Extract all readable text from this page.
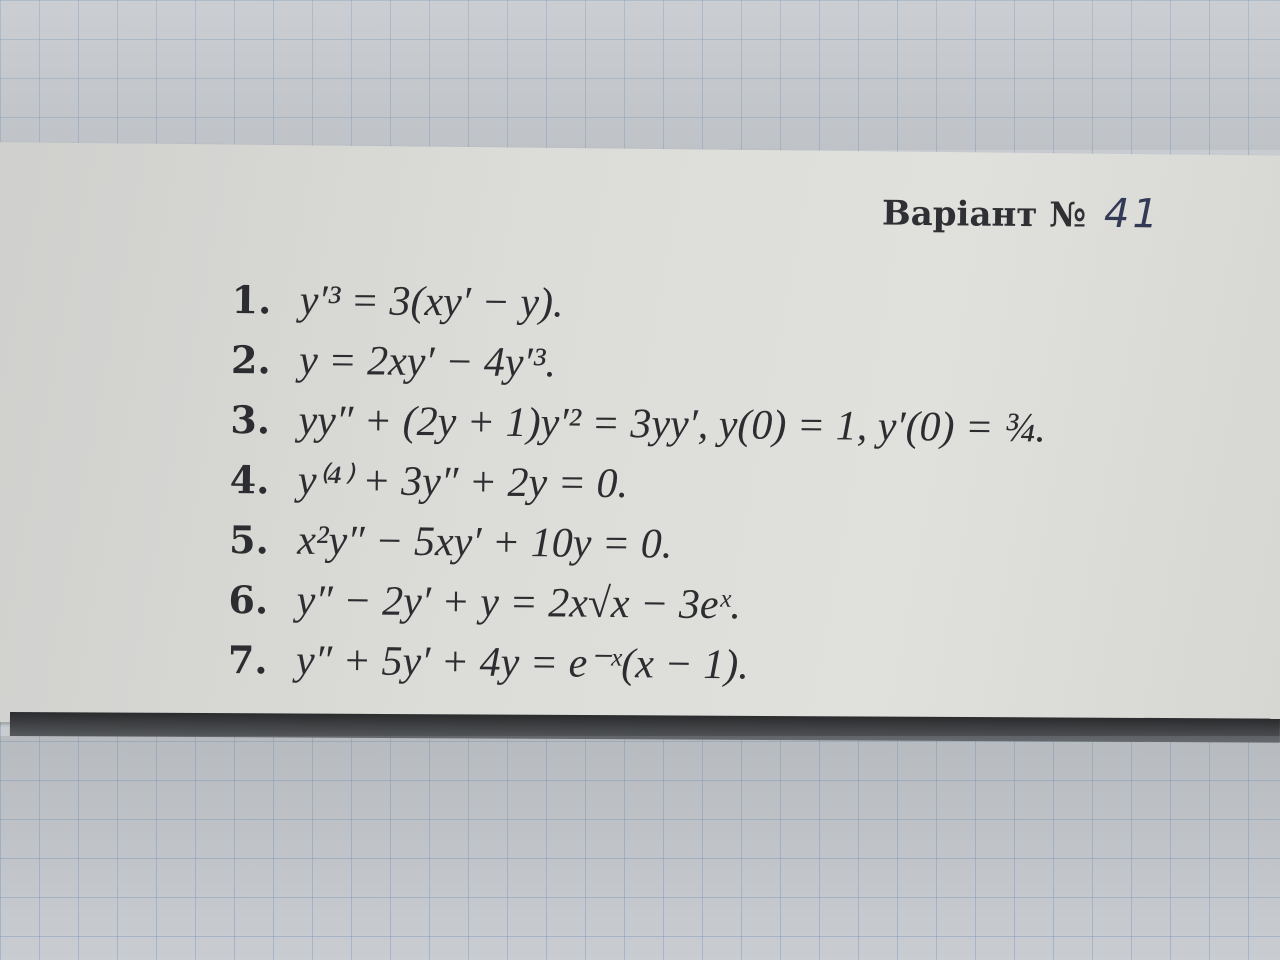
Варіант № 41
1. y′³ = 3(xy′ − y).
2. y = 2xy′ − 4y′³.
3. yy″ + (2y + 1)y′² = 3yy′, y(0) = 1, y′(0) = ¾.
4. y⁽⁴⁾ + 3y″ + 2y = 0.
5. x²y″ − 5xy′ + 10y = 0.
6. y″ − 2y′ + y = 2x√x − 3eˣ.
7. y″ + 5y′ + 4y = e⁻ˣ(x − 1).
